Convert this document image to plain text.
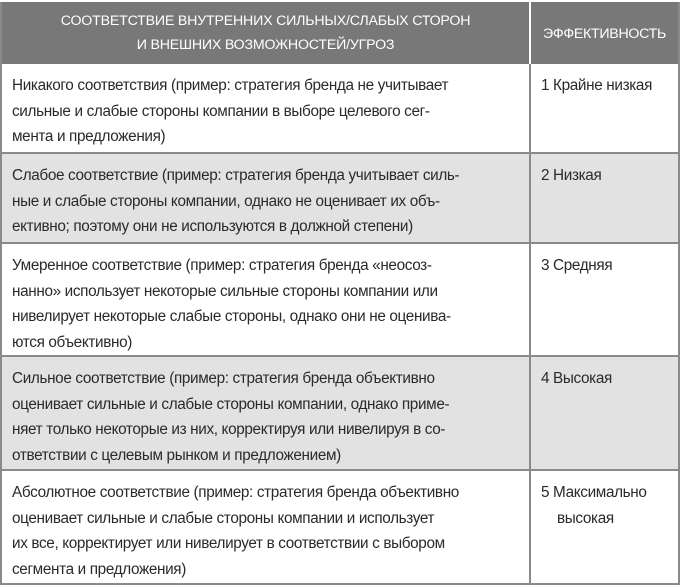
СООТВЕТСТВИЕ ВНУТРЕННИХ СИЛЬНЫХ/СЛАБЫХ СТОРОН
И ВНЕШНИХ ВОЗМОЖНОСТЕЙ/УГРОЗ
ЭФФЕКТИВНОСТЬ
Никакого соответствия (пример: стратегия бренда не учитывает
сильные и слабые стороны компании в выборе целевого сег-
мента и предложения)
1 Крайне низкая
Слабое соответствие (пример: стратегия бренда учитывает силь-
ные и слабые стороны компании, однако не оценивает их объ-
ективно; поэтому они не используются в должной степени)
2 Низкая
Умеренное соответствие (пример: стратегия бренда «неосоз-
нанно» использует некоторые сильные стороны компании или
нивелирует некоторые слабые стороны, однако они не оценива-
ются объективно)
3 Средняя
Сильное соответствие (пример: стратегия бренда объективно
оценивает сильные и слабые стороны компании, однако приме-
няет только некоторые из них, корректируя или нивелируя в со-
ответствии с целевым рынком и предложением)
4 Высокая
Абсолютное соответствие (пример: стратегия бренда объективно
оценивает сильные и слабые стороны компании и использует
их все, корректирует или нивелирует в соответствии с выбором
сегмента и предложения)
5 Максимально
высокая
